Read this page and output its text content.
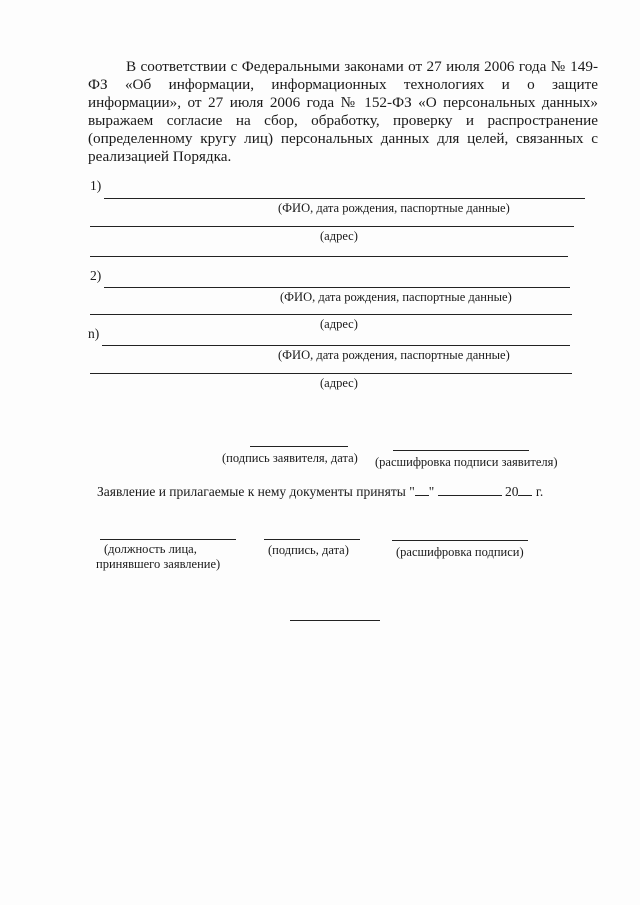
В соответствии с Федеральными законами от 27 июля 2006 года № 149-ФЗ «Об информации, информационных технологиях и о защите информации», от 27 июля 2006 года № 152-ФЗ «О персональных данных» выражаем согласие на сбор, обработку, проверку и распространение (определенному кругу лиц) персональных данных для целей, связанных с реализацией Порядка.

1)
(ФИО, дата рождения, паспортные данные)
(адрес)
2)
(ФИО, дата рождения, паспортные данные)
(адрес)
n)
(ФИО, дата рождения, паспортные данные)
(адрес)
(подпись заявителя, дата) (расшифровка подписи заявителя)
Заявление и прилагаемые к нему документы приняты " "	20 г.
(должность лица,
принявшего заявление)
(подпись, дата)	(расшифровка подписи)
